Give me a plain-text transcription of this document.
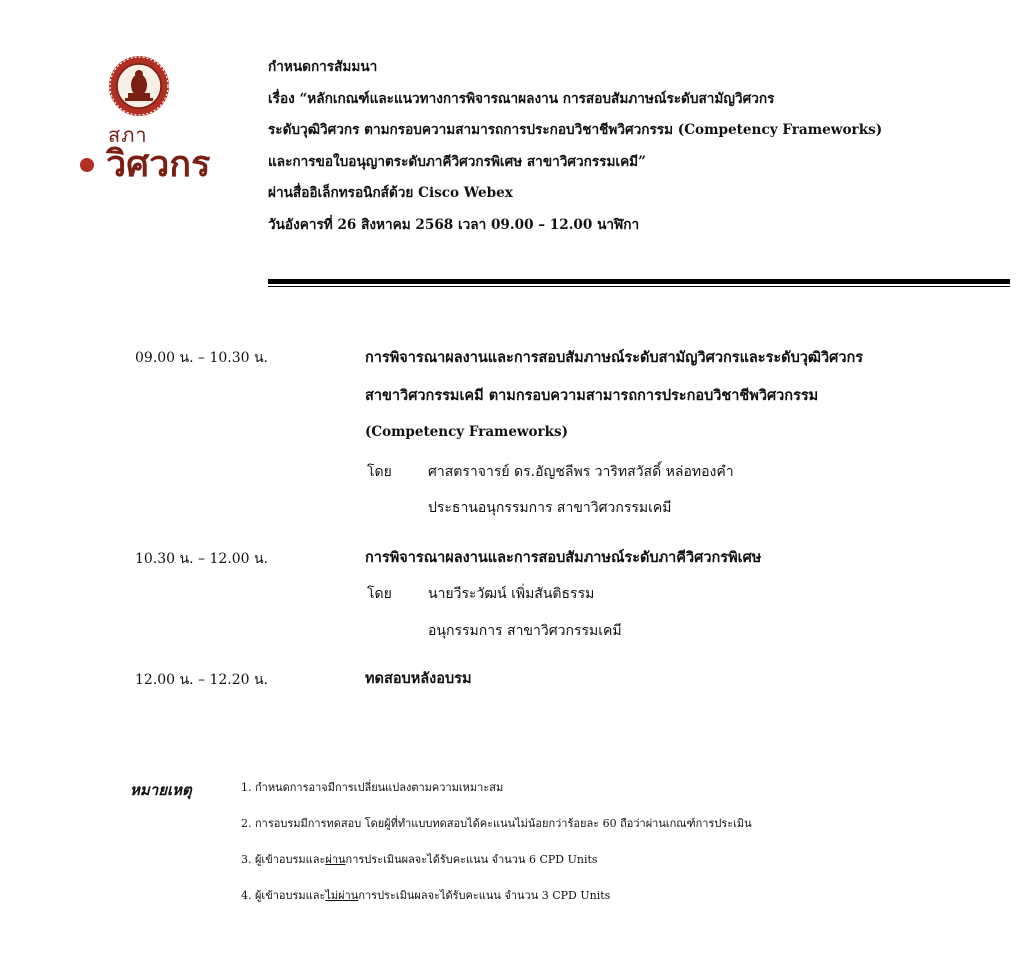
สภา
วิศวกร
กำหนดการสัมมนา
เรื่อง “หลักเกณฑ์และแนวทางการพิจารณาผลงาน การสอบสัมภาษณ์ระดับสามัญวิศวกร
ระดับวุฒิวิศวกร ตามกรอบความสามารถการประกอบวิชาชีพวิศวกรรม (Competency Frameworks)
และการขอใบอนุญาตระดับภาคีวิศวกรพิเศษ สาขาวิศวกรรมเคมี”
ผ่านสื่ออิเล็กทรอนิกส์ด้วย Cisco Webex
วันอังคารที่ 26 สิงหาคม 2568 เวลา 09.00 – 12.00 นาฬิกา
09.00 น. – 10.30 น.	การพิจารณาผลงานและการสอบสัมภาษณ์ระดับสามัญวิศวกรและระดับวุฒิวิศวกร
สาขาวิศวกรรมเคมี ตามกรอบความสามารถการประกอบวิชาชีพวิศวกรรม
(Competency Frameworks)
โดย	ศาสตราจารย์ ดร.อัญชลีพร วาริทสวัสดิ์ หล่อทองคำ
ประธานอนุกรรมการ สาขาวิศวกรรมเคมี
10.30 น. – 12.00 น.	การพิจารณาผลงานและการสอบสัมภาษณ์ระดับภาคีวิศวกรพิเศษ
โดย	นายวีระวัฒน์ เพิ่มสันติธรรม
อนุกรรมการ สาขาวิศวกรรมเคมี
12.00 น. – 12.20 น.	ทดสอบหลังอบรม
หมายเหตุ	1. กำหนดการอาจมีการเปลี่ยนแปลงตามความเหมาะสม
2. การอบรมมีการทดสอบ โดยผู้ที่ทำแบบทดสอบได้คะแนนไม่น้อยกว่าร้อยละ 60 ถือว่าผ่านเกณฑ์การประเมิน
3. ผู้เข้าอบรมและผ่านการประเมินผลจะได้รับคะแนน จำนวน 6 CPD Units
4. ผู้เข้าอบรมและไม่ผ่านการประเมินผลจะได้รับคะแนน จำนวน 3 CPD Units
